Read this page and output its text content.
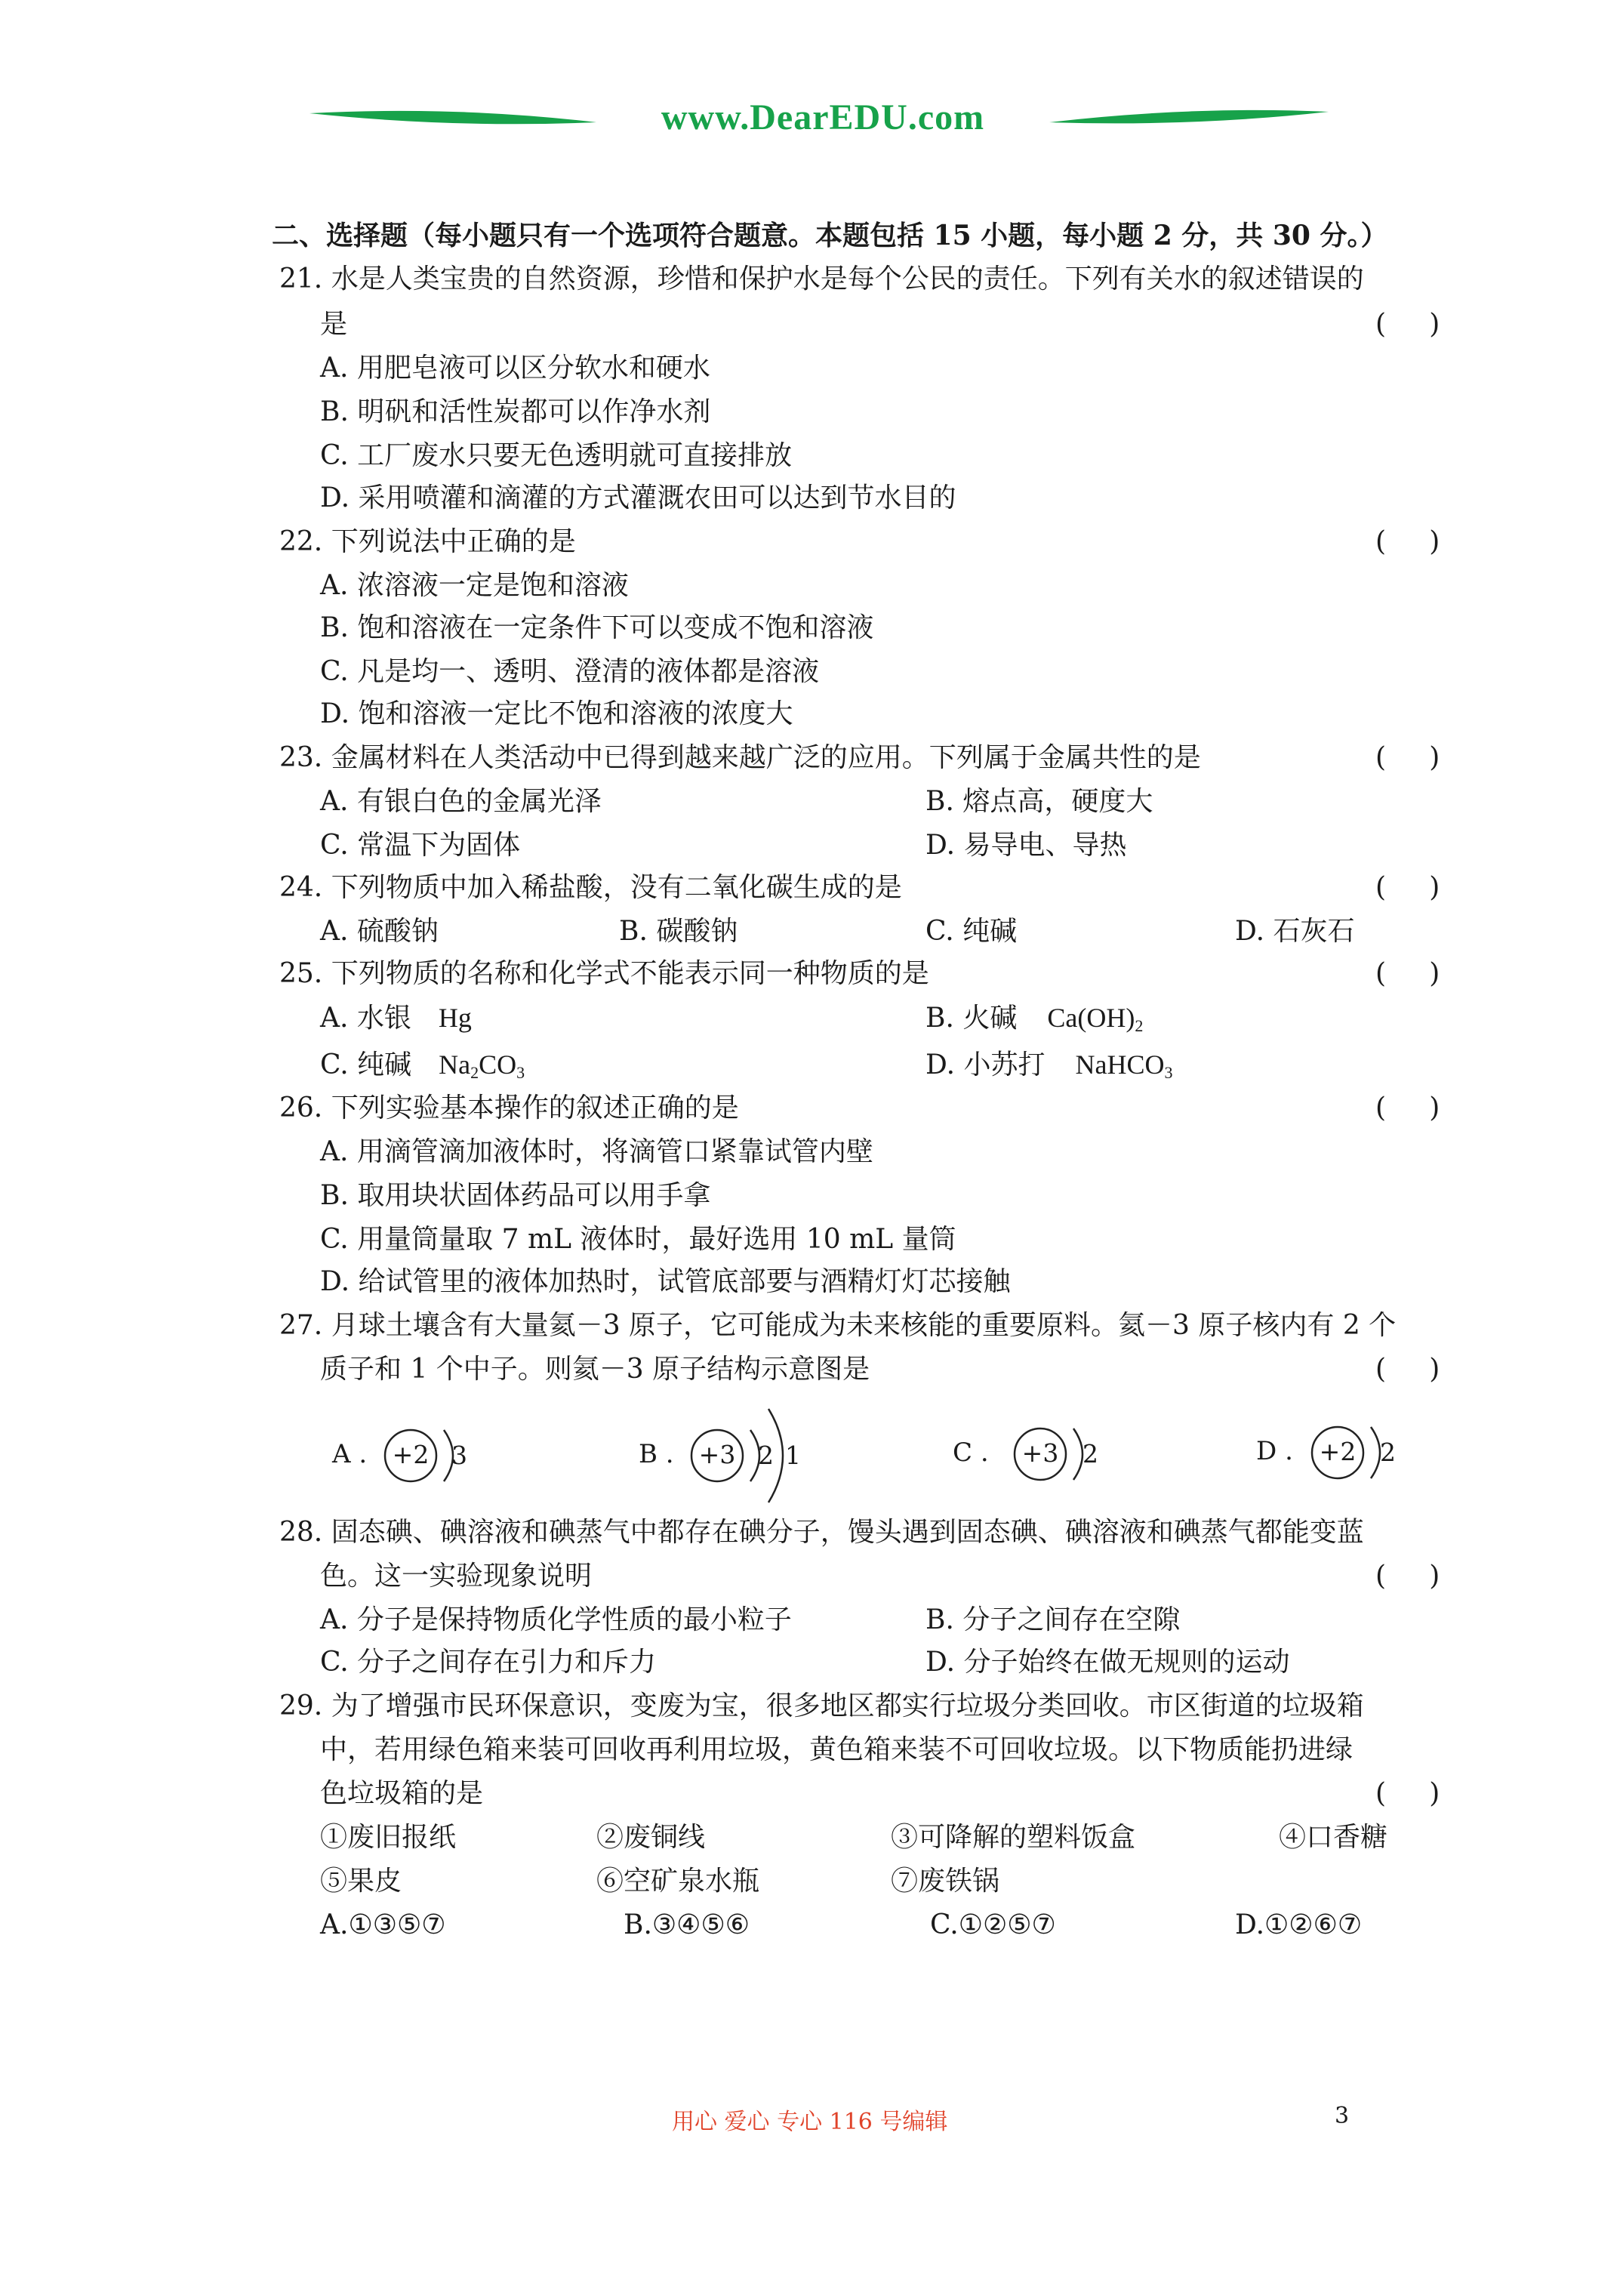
www.DearEDU.com
二、选择题（每小题只有一个选项符合题意。本题包括 15 小题，每小题 2 分，共 30 分。）
21. 水是人类宝贵的自然资源，珍惜和保护水是每个公民的责任。下列有关水的叙述错误的
是	(     )
A. 用肥皂液可以区分软水和硬水
B. 明矾和活性炭都可以作净水剂
C. 工厂废水只要无色透明就可直接排放
D. 采用喷灌和滴灌的方式灌溉农田可以达到节水目的
22. 下列说法中正确的是	(     )
A. 浓溶液一定是饱和溶液
B. 饱和溶液在一定条件下可以变成不饱和溶液
C. 凡是均一、透明、澄清的液体都是溶液
D. 饱和溶液一定比不饱和溶液的浓度大
23. 金属材料在人类活动中已得到越来越广泛的应用。下列属于金属共性的是	(     )
A. 有银白色的金属光泽	B. 熔点高，硬度大
C. 常温下为固体	D. 易导电、导热
24. 下列物质中加入稀盐酸，没有二氧化碳生成的是	(     )
A. 硫酸钠	B. 碳酸钠	C. 纯碱	D. 石灰石
25. 下列物质的名称和化学式不能表示同一种物质的是	(     )
A. 水银 Hg	B. 火碱 $Ca(OH)_2$
C. 纯碱 $Na_2CO_3$	D. 小苏打 NaHCO$_3$
26. 下列实验基本操作的叙述正确的是	(     )
A. 用滴管滴加液体时，将滴管口紧靠试管内壁
B. 取用块状固体药品可以用手拿
C. 用量筒量取 7 mL 液体时，最好选用 10 mL 量筒
D. 给试管里的液体加热时，试管底部要与酒精灯灯芯接触
27. 月球土壤含有大量氦－3 原子，它可能成为未来核能的重要原料。氦－3 原子核内有 2 个
质子和 1 个中子。则氦－3 原子结构示意图是	(     )
A .	+2 3	B .	+3 2 1	C .	+3 2	D .	+2 2
28. 固态碘、碘溶液和碘蒸气中都存在碘分子，馒头遇到固态碘、碘溶液和碘蒸气都能变蓝
色。这一实验现象说明	(     )
A. 分子是保持物质化学性质的最小粒子	B. 分子之间存在空隙
C. 分子之间存在引力和斥力	D. 分子始终在做无规则的运动
29. 为了增强市民环保意识，变废为宝，很多地区都实行垃圾分类回收。市区街道的垃圾箱
中，若用绿色箱来装可回收再利用垃圾，黄色箱来装不可回收垃圾。以下物质能扔进绿
色垃圾箱的是	(     )
①废旧报纸	②废铜线	③可降解的塑料饭盒	④口香糖
⑤果皮	⑥空矿泉水瓶	⑦废铁锅
A.①③⑤⑦	B.③④⑤⑥	C.①②⑤⑦	D.①②⑥⑦
用心 爱心 专心 116 号编辑	3
